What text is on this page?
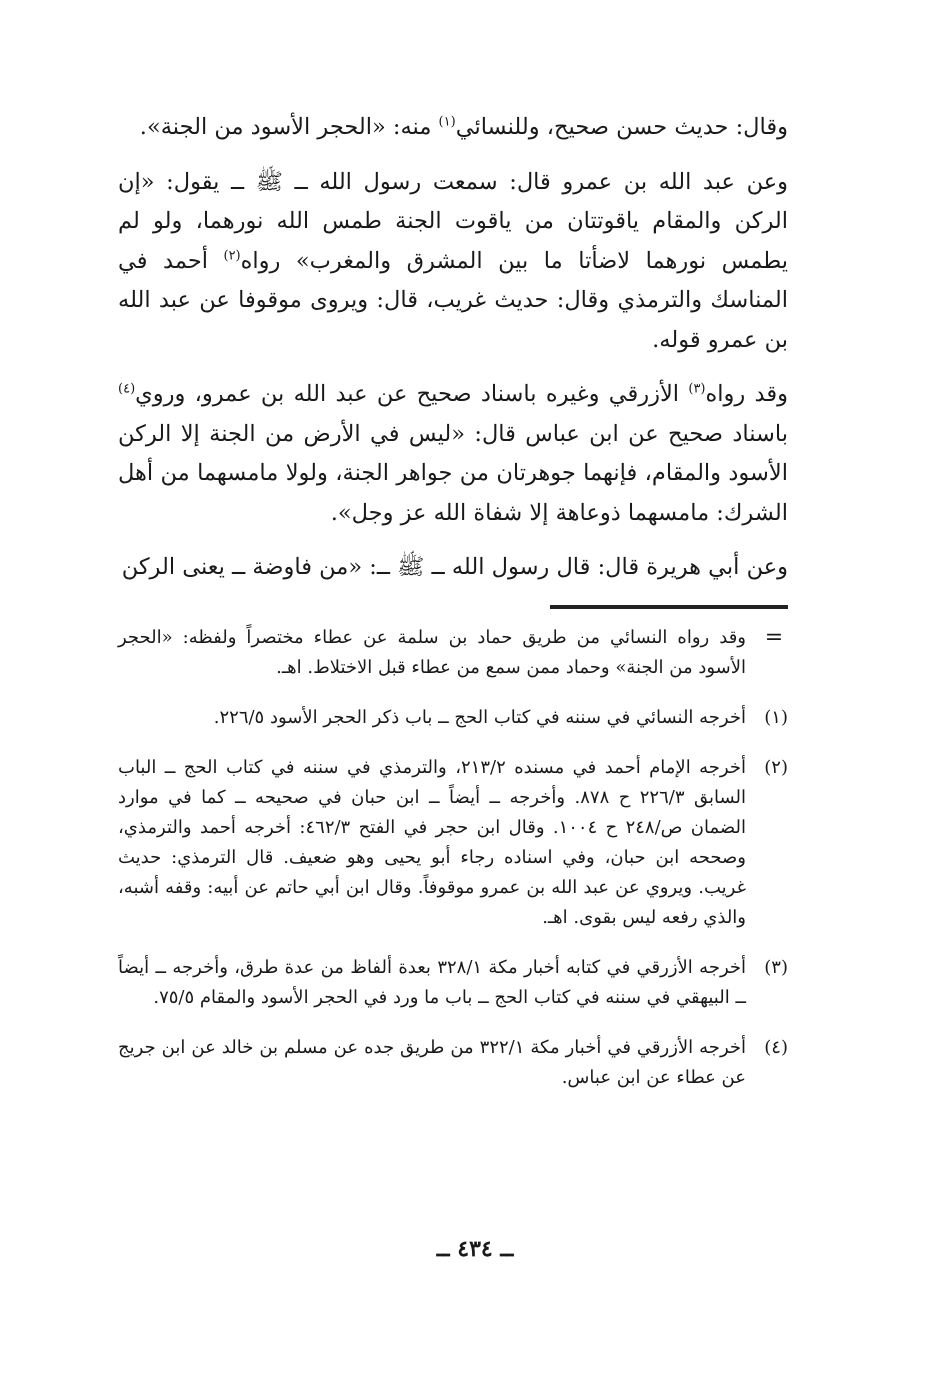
وقال: حديث حسن صحيح، وللنسائي$^{(١)}$ منه: «الحجر الأسود من الجنة».

وعن عبد الله بن عمرو قال: سمعت رسول الله ــ ﷺ ــ يقول: «إن الركن والمقام ياقوتتان من ياقوت الجنة طمس الله نورهما، ولو لم يطمس نورهما لاضأتا ما بين المشرق والمغرب» رواه$^{(٢)}$ أحمد في المناسك والترمذي وقال: حديث غريب، قال: ويروى موقوفا عن عبد الله بن عمرو قوله.

وقد رواه$^{(٣)}$ الأزرقي وغيره باسناد صحيح عن عبد الله بن عمرو، وروي$^{(٤)}$ باسناد صحيح عن ابن عباس قال: «ليس في الأرض من الجنة إلا الركن الأسود والمقام، فإنهما جوهرتان من جواهر الجنة، ولولا مامسهما من أهل الشرك: مامسهما ذوعاهة إلا شفاة الله عز وجل».

وعن أبي هريرة قال: قال رسول الله ــ ﷺ ــ: «من فاوضة ــ يعنى الركن

=
وقد رواه النسائي من طريق حماد بن سلمة عن عطاء مختصراً ولفظه: «الحجر الأسود من الجنة» وحماد ممن سمع من عطاء قبل الاختلاط. اهـ.
(١)
أخرجه النسائي في سننه في كتاب الحج ــ باب ذكر الحجر الأسود ٢٢٦/٥.
(٢)
أخرجه الإمام أحمد في مسنده ٢١٣/٢، والترمذي في سننه في كتاب الحج ــ الباب السابق ٢٢٦/٣ ح ٨٧٨. وأخرجه ــ أيضاً ــ ابن حبان في صحيحه ــ كما في موارد الضمان ص/٢٤٨ ح ١٠٠٤. وقال ابن حجر في الفتح ٤٦٢/٣: أخرجه أحمد والترمذي، وصححه ابن حبان، وفي اسناده رجاء أبو يحيى وهو ضعيف. قال الترمذي: حديث غريب. ويروي عن عبد الله بن عمرو موقوفاً. وقال ابن أبي حاتم عن أبيه: وقفه أشبه، والذي رفعه ليس بقوى. اهـ.
(٣)
أخرجه الأزرقي في كتابه أخبار مكة ٣٢٨/١ بعدة ألفاظ من عدة طرق، وأخرجه ــ أيضاً ــ البيهقي في سننه في كتاب الحج ــ باب ما ورد في الحجر الأسود والمقام ٧٥/٥.
(٤)
أخرجه الأزرقي في أخبار مكة ٣٢٢/١ من طريق جده عن مسلم بن خالد عن ابن جريج عن عطاء عن ابن عباس.
ــ ٤٣٤ ــ
